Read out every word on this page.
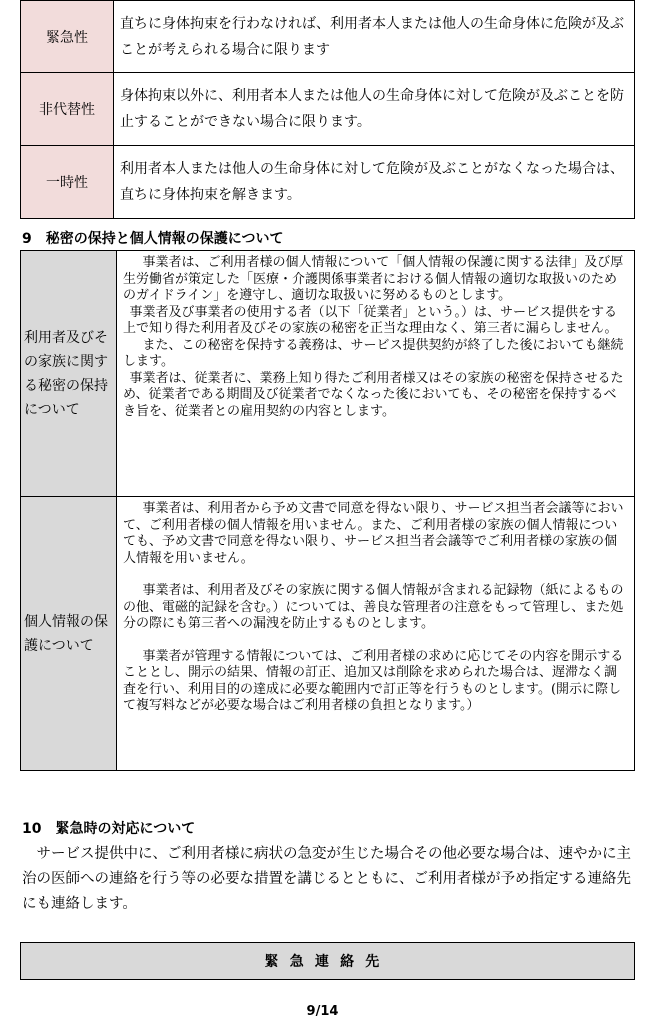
緊急性	直ちに身体拘束を行わなければ、利用者本人または他人の生命身体に危険が及ぶことが考えられる場合に限ります
非代替性	身体拘束以外に、利用者本人または他人の生命身体に対して危険が及ぶことを防止することができない場合に限ります。
一時性	利用者本人または他人の生命身体に対して危険が及ぶことがなくなった場合は、直ちに身体拘束を解きます。
9　秘密の保持と個人情報の保護について
利用者及びその家族に関する秘密の保持について	事業者は、ご利用者様の個人情報について「個人情報の保護に関する法律」及び厚生労働省が策定した「医療・介護関係事業者における個人情報の適切な取扱いのためのガイドライン」を遵守し、適切な取扱いに努めるものとします。

事業者及び事業者の使用する者（以下「従業者」という。）は、サービス提供をする上で知り得た利用者及びその家族の秘密を正当な理由なく、第三者に漏らしません。

また、この秘密を保持する義務は、サービス提供契約が終了した後においても継続します。

事業者は、従業者に、業務上知り得たご利用者様又はその家族の秘密を保持させるため、従業者である期間及び従業者でなくなった後においても、その秘密を保持するべき旨を、従業者との雇用契約の内容とします。

個人情報の保護について	事業者は、利用者から予め文書で同意を得ない限り、サービス担当者会議等において、ご利用者様の個人情報を用いません。また、ご利用者様の家族の個人情報についても、予め文書で同意を得ない限り、サービス担当者会議等でご利用者様の家族の個人情報を用いません。

事業者は、利用者及びその家族に関する個人情報が含まれる記録物（紙によるものの他、電磁的記録を含む。）については、善良な管理者の注意をもって管理し、また処分の際にも第三者への漏洩を防止するものとします。

事業者が管理する情報については、ご利用者様の求めに応じてその内容を開示することとし、開示の結果、情報の訂正、追加又は削除を求められた場合は、遅滞なく調査を行い、利用目的の達成に必要な範囲内で訂正等を行うものとします。(開示に際して複写料などが必要な場合はご利用者様の負担となります。）

10　緊急時の対応について
サービス提供中に、ご利用者様に病状の急変が生じた場合その他必要な場合は、速やかに主治の医師への連絡を行う等の必要な措置を講じるとともに、ご利用者様が予め指定する連絡先にも連絡します。
緊急連絡先
9/14
